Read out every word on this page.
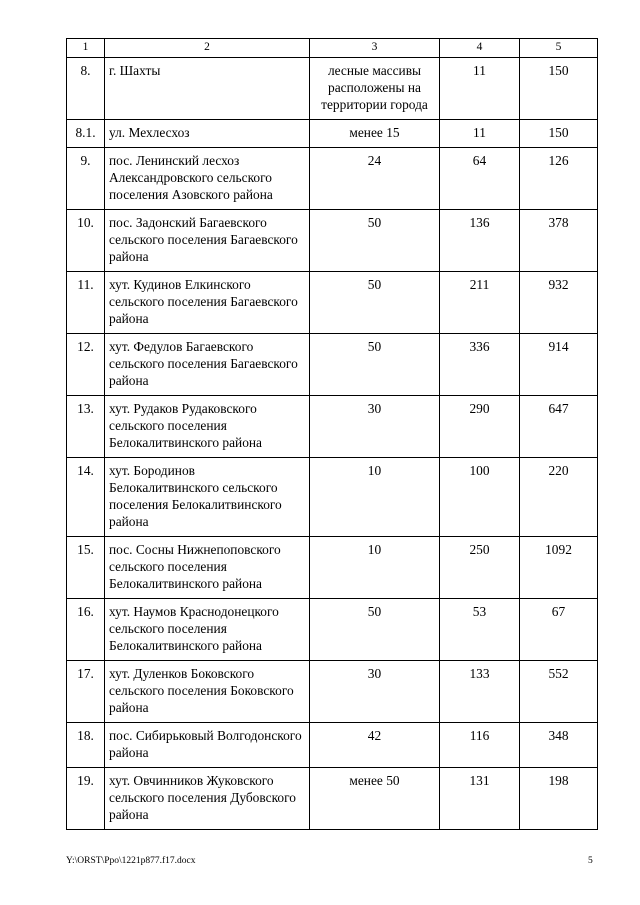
1	2	3	4	5
8.	г. Шахты	лесные массивы расположены на территории города	11	150
8.1.	ул. Мехлесхоз	менее 15	11	150
9.	пос. Ленинский лесхоз Александровского сельского поселения Азовского района	24	64	126
10.	пос. Задонский Багаевского сельского поселения Багаевского района	50	136	378
11.	хут. Кудинов Елкинского сельского поселения Багаевского района	50	211	932
12.	хут. Федулов Багаевского сельского поселения Багаевского района	50	336	914
13.	хут. Рудаков Рудаковского сельского поселения Белокалитвинского района	30	290	647
14.	хут. Бородинов Белокалитвинского сельского поселения Белокалитвинского района	10	100	220
15.	пос. Сосны Нижнепоповского сельского поселения Белокалитвинского района	10	250	1092
16.	хут. Наумов Краснодонецкого сельского поселения Белокалитвинского района	50	53	67
17.	хут. Дуленков Боковского сельского поселения Боковского района	30	133	552
18.	пос. Сибирьковый Волгодонского района	42	116	348
19.	хут. Овчинников Жуковского сельского поселения Дубовского района	менее 50	131	198
Y:\ORST\Ppo\1221p877.f17.docx	5
